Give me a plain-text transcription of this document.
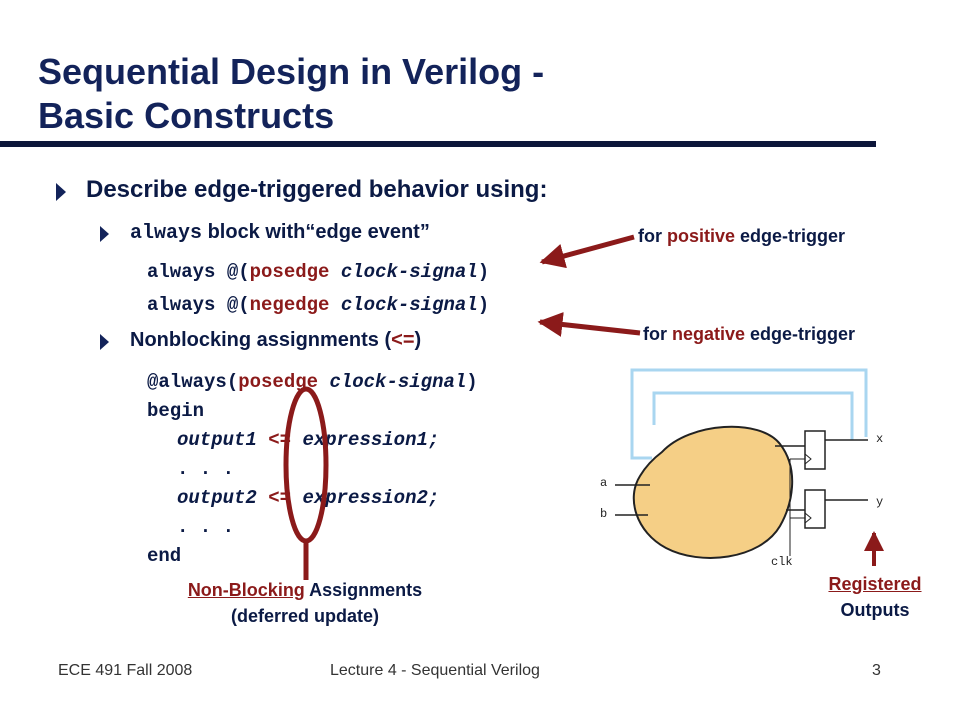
Sequential Design in Verilog -
Basic Constructs
Describe edge-triggered behavior using:
always block with“edge event”
always @(posedge clock-signal)
always @(negedge clock-signal)
Nonblocking assignments (<=)
@always(posedge clock-signal)
begin
output1 <= expression1;
. . .
output2 <= expression2;
. . .
end
for positive edge-trigger
for negative edge-trigger
Non-Blocking Assignments
(deferred update)
Registered
Outputs
a
b
x
y
clk
ECE 491 Fall 2008	Lecture 4 - Sequential Verilog	3
